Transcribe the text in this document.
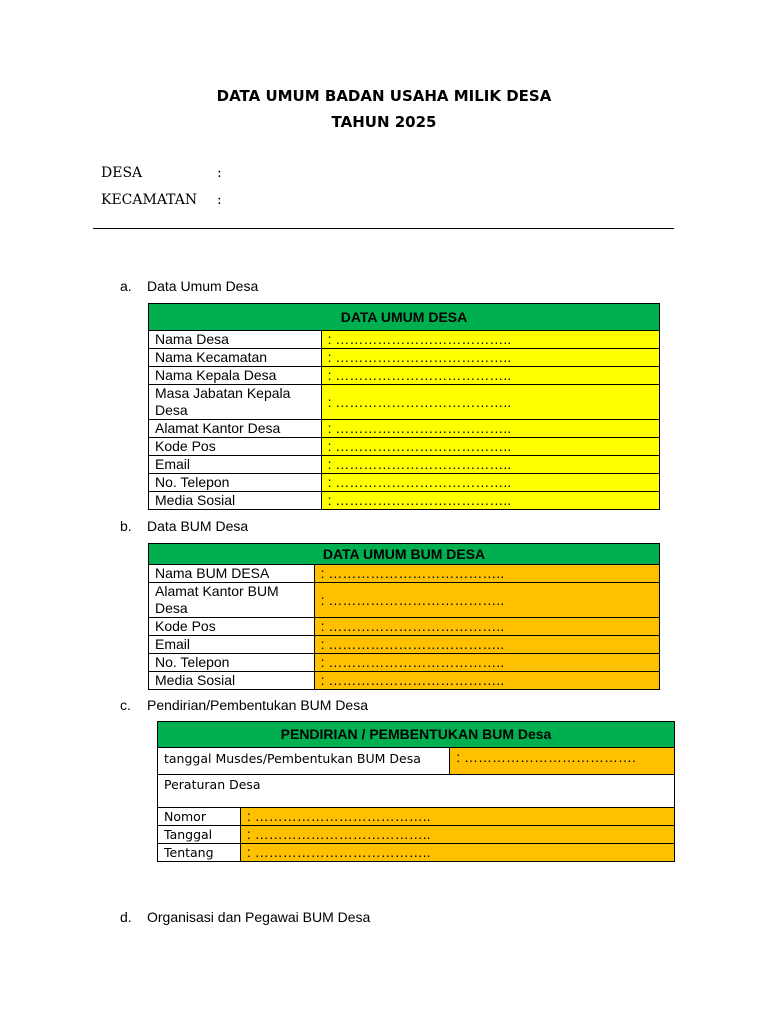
DATA UMUM BADAN USAHA MILIK DESA
TAHUN 2025
DESA	:
KECAMATAN :
a. Data Umum Desa
DATA UMUM DESA	
Nama Desa	: ………………………………..
Nama Kecamatan	: ………………………………..
Nama Kepala Desa	: ………………………………..
Masa Jabatan Kepala Desa	: ………………………………..
Alamat Kantor Desa	: ………………………………..
Kode Pos	: ………………………………..
Email	: ………………………………..
No. Telepon	: ………………………………..
Media Sosial	: ………………………………..
b. Data BUM Desa
DATA UMUM BUM DESA	
Nama BUM DESA	: ………………………………..
Alamat Kantor BUM Desa	: ………………………………..
Kode Pos	: ………………………………..
Email	: ………………………………..
No. Telepon	: ………………………………..
Media Sosial	: ………………………………..
c. Pendirian/Pembentukan BUM Desa
PENDIRIAN / PEMBENTUKAN BUM Desa		
tanggal Musdes/Pembentukan BUM Desa		: ……………………………….
Peraturan Desa		
Nomor	: ………………………………..	
Tanggal	: ………………………………..	
Tentang	: ………………………………..	
d. Organisasi dan Pegawai BUM Desa
